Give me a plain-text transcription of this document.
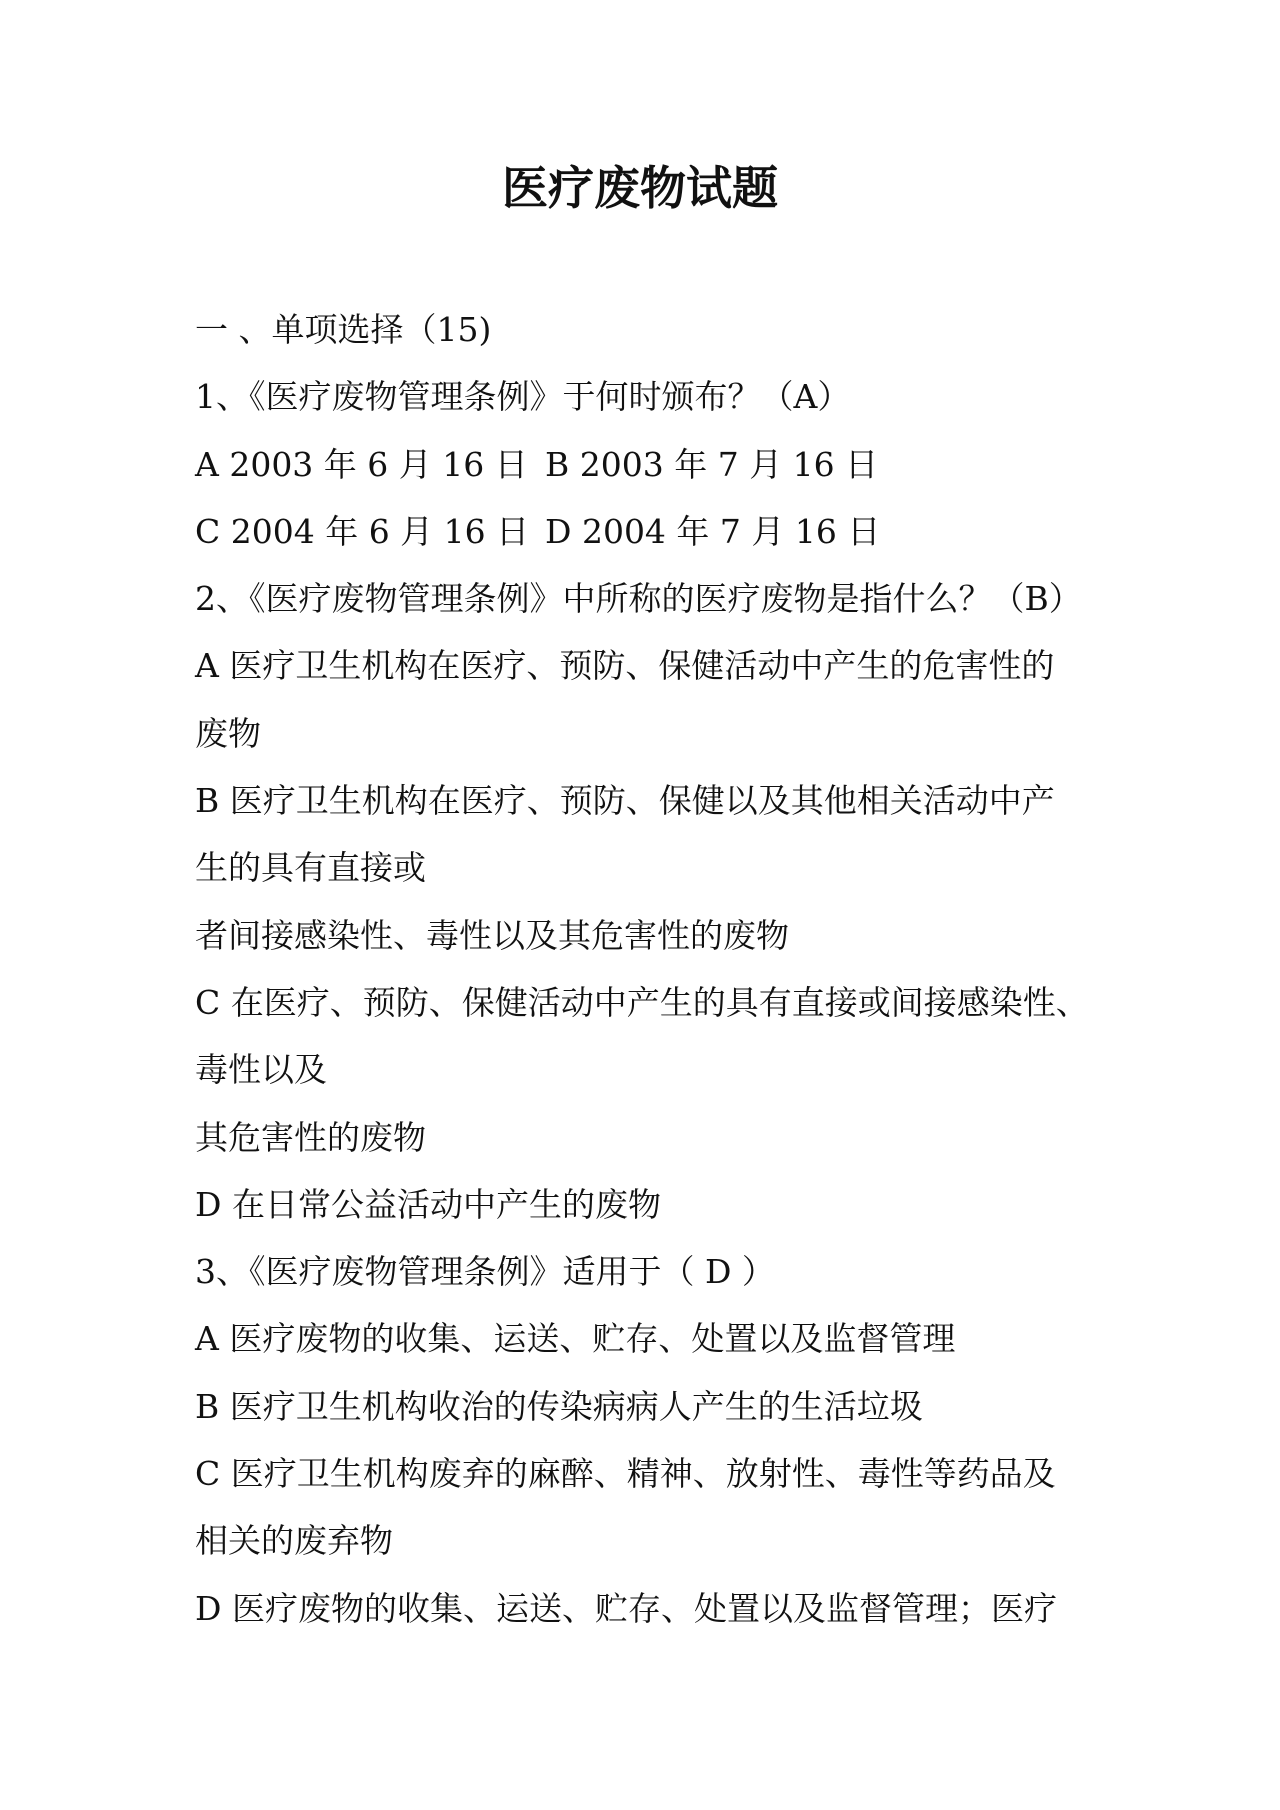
医疗废物试题
一 、单项选择（15)
1、《医疗废物管理条例》于何时颁布？（A）
A 2003 年 6 月 16 日 B 2003 年 7 月 16 日
C 2004 年 6 月 16 日 D 2004 年 7 月 16 日
2、《医疗废物管理条例》中所称的医疗废物是指什么？（B）
A 医疗卫生机构在医疗、预防、保健活动中产生的危害性的
废物
B 医疗卫生机构在医疗、预防、保健以及其他相关活动中产
生的具有直接或
者间接感染性、毒性以及其危害性的废物
C 在医疗、预防、保健活动中产生的具有直接或间接感染性、
毒性以及
其危害性的废物
D 在日常公益活动中产生的废物
3、《医疗废物管理条例》适用于（ D ）
A 医疗废物的收集、运送、贮存、处置以及监督管理
B 医疗卫生机构收治的传染病病人产生的生活垃圾
C 医疗卫生机构废弃的麻醉、精神、放射性、毒性等药品及
相关的废弃物
D 医疗废物的收集、运送、贮存、处置以及监督管理；医疗
